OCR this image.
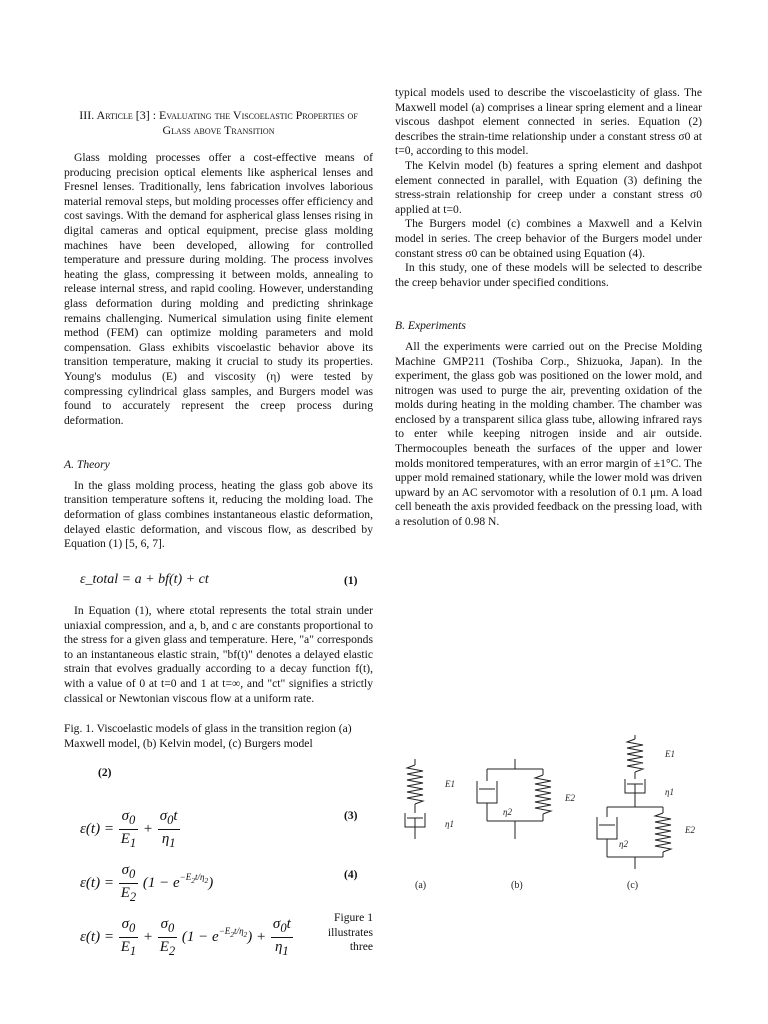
III. Article [3] : Evaluating the Viscoelastic Properties of Glass above Transition

Glass molding processes offer a cost-effective means of producing precision optical elements like aspherical lenses and Fresnel lenses. Traditionally, lens fabrication involves laborious material removal steps, but molding processes offer efficiency and cost savings. With the demand for aspherical glass lenses rising in digital cameras and optical equipment, precise glass molding machines have been developed, allowing for controlled temperature and pressure during molding. The process involves heating the glass, compressing it between molds, annealing to release internal stress, and rapid cooling. However, understanding glass deformation during molding and predicting shrinkage remains challenging. Numerical simulation using finite element method (FEM) can optimize molding parameters and mold compensation. Glass exhibits viscoelastic behavior above its transition temperature, making it crucial to study its properties. Young's modulus (E) and viscosity (η) were tested by compressing cylindrical glass samples, and Burgers model was found to accurately represent the creep process during deformation.

A. Theory

In the glass molding process, heating the glass gob above its transition temperature softens it, reducing the molding load. The deformation of glass combines instantaneous elastic deformation, delayed elastic deformation, and viscous flow, as described by Equation (1) [5, 6, 7].

ε_total = a + bf(t) + ct	(1)

In Equation (1), where εtotal represents the total strain under uniaxial compression, and a, b, and c are constants proportional to the stress for a given glass and temperature. Here, "a" corresponds to an instantaneous elastic strain, "bf(t)" denotes a delayed elastic strain that evolves gradually according to a decay function f(t), with a value of 0 at t=0 and 1 at t=∞, and "ct" signifies a strictly classical or Newtonian viscous flow at a uniform rate.

Fig. 1. Viscoelastic models of glass in the transition region (a) Maxwell model, (b) Kelvin model, (c) Burgers model
(2)
(3)
(4)
$\varepsilon(t) = \frac{\sigma_0}{E_1} + \frac{\sigma_0t}{\eta_1}$
$\varepsilon(t) = \frac{\sigma_0}{E_2} (1 - e^{-E_2t/\eta_2})$
$\varepsilon(t) = \frac{\sigma_0}{E_1} + \frac{\sigma_0}{E_2} (1 - e^{-E_2t/\eta_2}) + \frac{\sigma_0t}{\eta_1}$	Figure 1 illustrates three

typical models used to describe the viscoelasticity of glass. The Maxwell model (a) comprises a linear spring element and a linear viscous dashpot element connected in series. Equation (2) describes the strain-time relationship under a constant stress σ0 at t=0, according to this model.

The Kelvin model (b) features a spring element and dashpot element connected in parallel, with Equation (3) defining the stress-strain relationship for creep under a constant stress σ0 applied at t=0.

The Burgers model (c) combines a Maxwell and a Kelvin model in series. The creep behavior of the Burgers model under constant stress σ0 can be obtained using Equation (4).

In this study, one of these models will be selected to describe the creep behavior under specified conditions.

B. Experiments

All the experiments were carried out on the Precise Molding Machine GMP211 (Toshiba Corp., Shizuoka, Japan). In the experiment, the glass gob was positioned on the lower mold, and nitrogen was used to purge the air, preventing oxidation of the molds during heating in the molding chamber. The chamber was enclosed by a transparent silica glass tube, allowing infrared rays to enter while keeping nitrogen inside and air outside. Thermocouples beneath the surfaces of the upper and lower molds monitored temperatures, with an error margin of ±1°C. The upper mold remained stationary, while the lower mold was driven upward by an AC servomotor with a resolution of 0.1 μm. A load cell beneath the axis provided feedback on the pressing load, with a resolution of 0.98 N.

E1
η1
η2
E2
E1
η1
η2
E2
(a)	(b)	(c)
